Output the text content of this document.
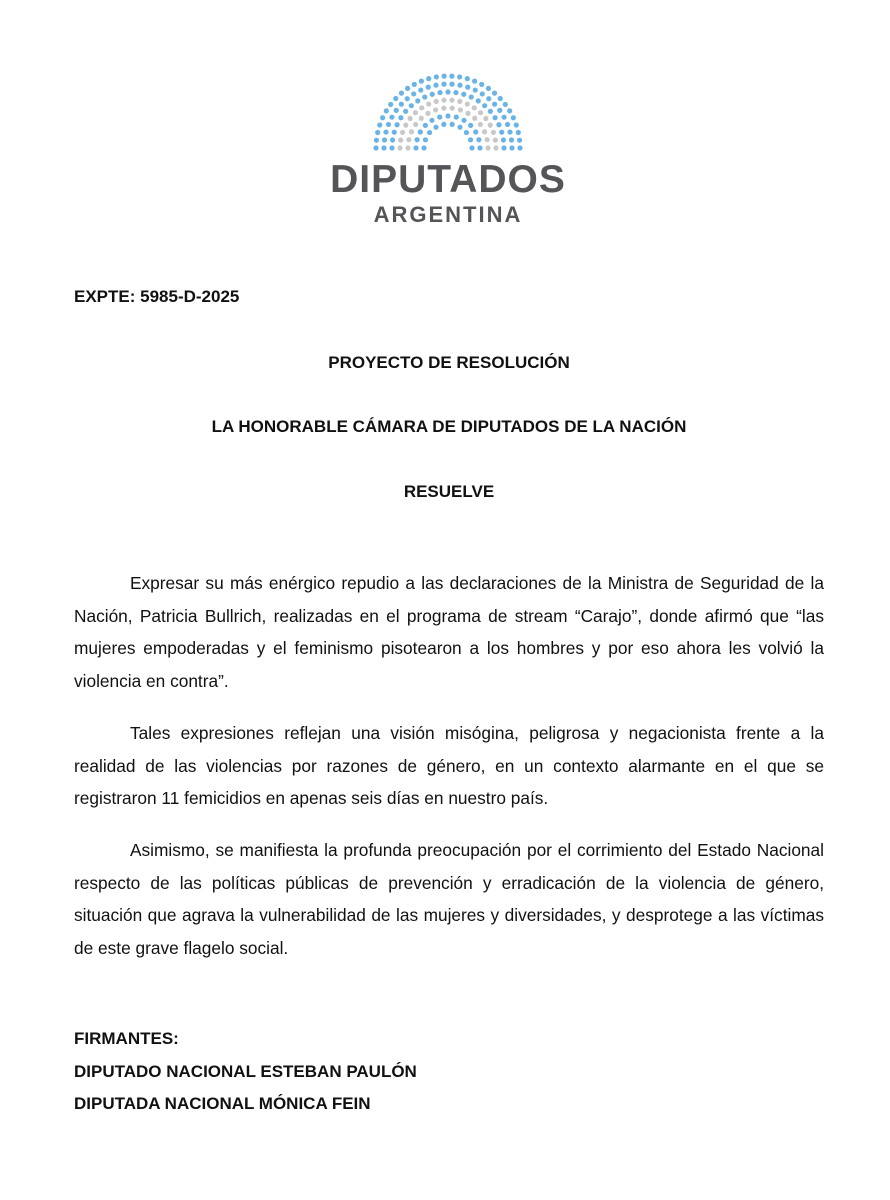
DIPUTADOS
ARGENTINA
EXPTE: 5985-D-2025
PROYECTO DE RESOLUCIÓN
LA HONORABLE CÁMARA DE DIPUTADOS DE LA NACIÓN
RESUELVE

Expresar su más enérgico repudio a las declaraciones de la Ministra de Seguridad de la Nación, Patricia Bullrich, realizadas en el programa de stream “Carajo”, donde afirmó que “las mujeres empoderadas y el feminismo pisotearon a los hombres y por eso ahora les volvió la violencia en contra”.

Tales expresiones reflejan una visión misógina, peligrosa y negacionista frente a la realidad de las violencias por razones de género, en un contexto alarmante en el que se registraron 11 femicidios en apenas seis días en nuestro país.

Asimismo, se manifiesta la profunda preocupación por el corrimiento del Estado Nacional respecto de las políticas públicas de prevención y erradicación de la violencia de género, situación que agrava la vulnerabilidad de las mujeres y diversidades, y desprotege a las víctimas de este grave flagelo social.

FIRMANTES:
DIPUTADO NACIONAL ESTEBAN PAULÓN
DIPUTADA NACIONAL MÓNICA FEIN
